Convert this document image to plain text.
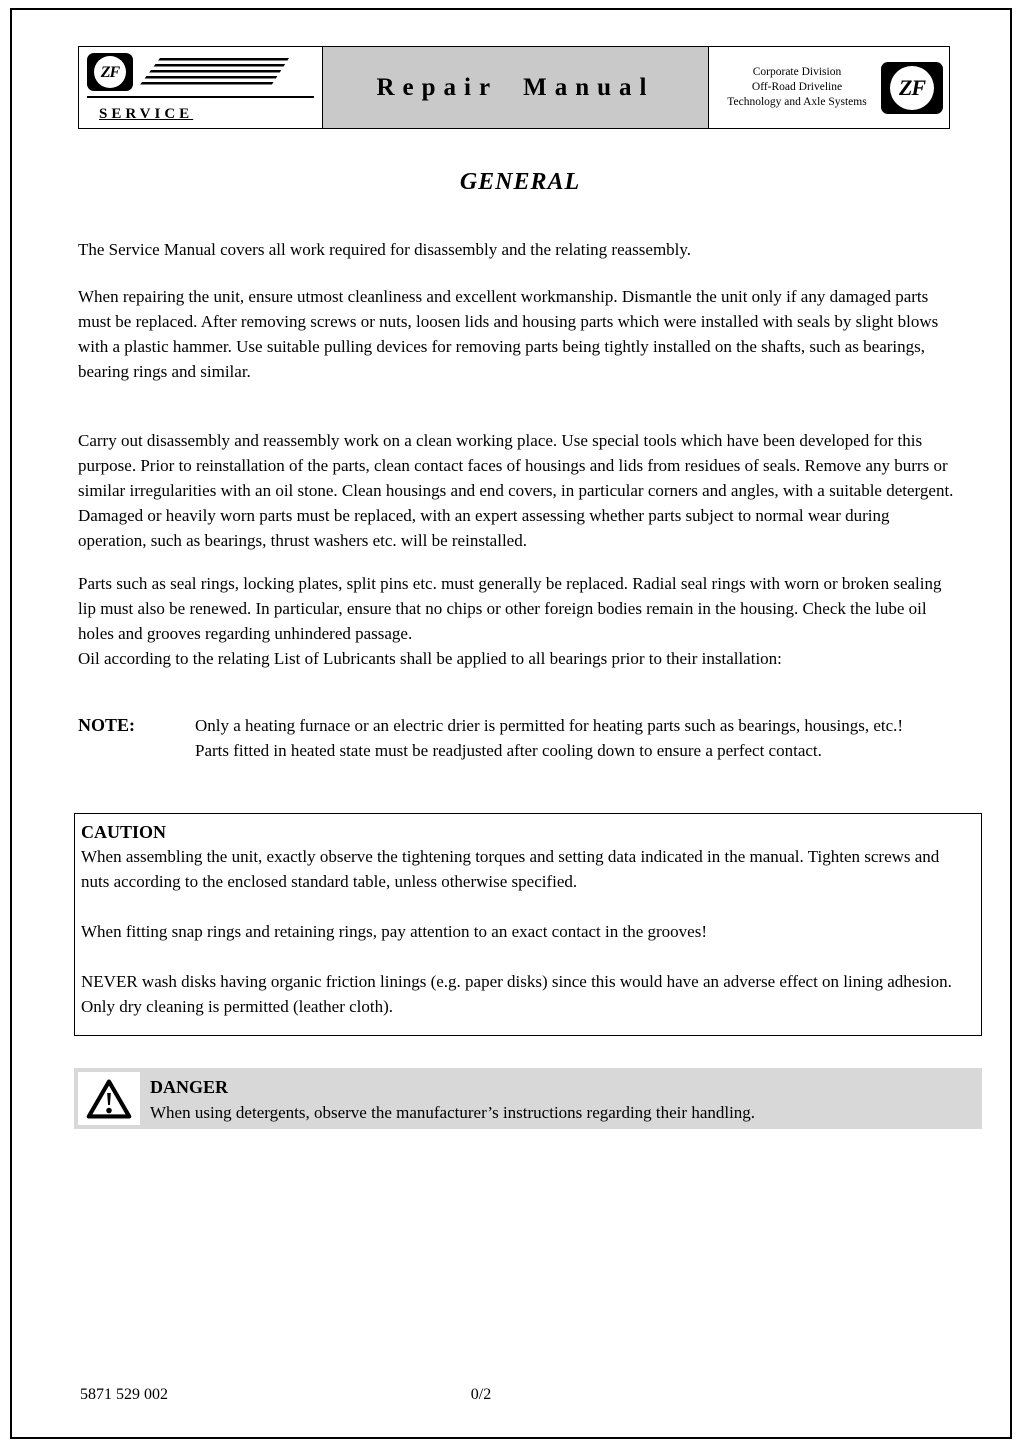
ZF
SERVICE
Repair Manual
Corporate Division
Off-Road Driveline
Technology and Axle Systems
ZF
GENERAL

The Service Manual covers all work required for disassembly and the relating reassembly.

When repairing the unit, ensure utmost cleanliness and excellent workmanship. Dismantle the unit only if any damaged parts must be replaced. After removing screws or nuts, loosen lids and housing parts which were installed with seals by slight blows with a plastic hammer. Use suitable pulling devices for removing parts being tightly installed on the shafts, such as bearings, bearing rings and similar.

Carry out disassembly and reassembly work on a clean working place. Use special tools which have been developed for this purpose. Prior to reinstallation of the parts, clean contact faces of housings and lids from residues of seals. Remove any burrs or similar irregularities with an oil stone. Clean housings and end covers, in particular corners and angles, with a suitable detergent. Damaged or heavily worn parts must be replaced, with an expert assessing whether parts subject to normal wear during operation, such as bearings, thrust washers etc. will be reinstalled.

Parts such as seal rings, locking plates, split pins etc. must generally be replaced. Radial seal rings with worn or broken sealing lip must also be renewed. In particular, ensure that no chips or other foreign bodies remain in the housing. Check the lube oil holes and grooves regarding unhindered passage.
Oil according to the relating List of Lubricants shall be applied to all bearings prior to their installation:
NOTE:	Only a heating furnace or an electric drier is permitted for heating parts such as bearings, housings, etc.!
Parts fitted in heated state must be readjusted after cooling down to ensure a perfect contact.
CAUTION

When assembling the unit, exactly observe the tightening torques and setting data indicated in the manual. Tighten screws and nuts according to the enclosed standard table, unless otherwise specified.

When fitting snap rings and retaining rings, pay attention to an exact contact in the grooves!

NEVER wash disks having organic friction linings (e.g. paper disks) since this would have an adverse effect on lining adhesion.

Only dry cleaning is permitted (leather cloth).

DANGER
When using detergents, observe the manufacturer’s instructions regarding their handling.
5871 529 002	0/2
